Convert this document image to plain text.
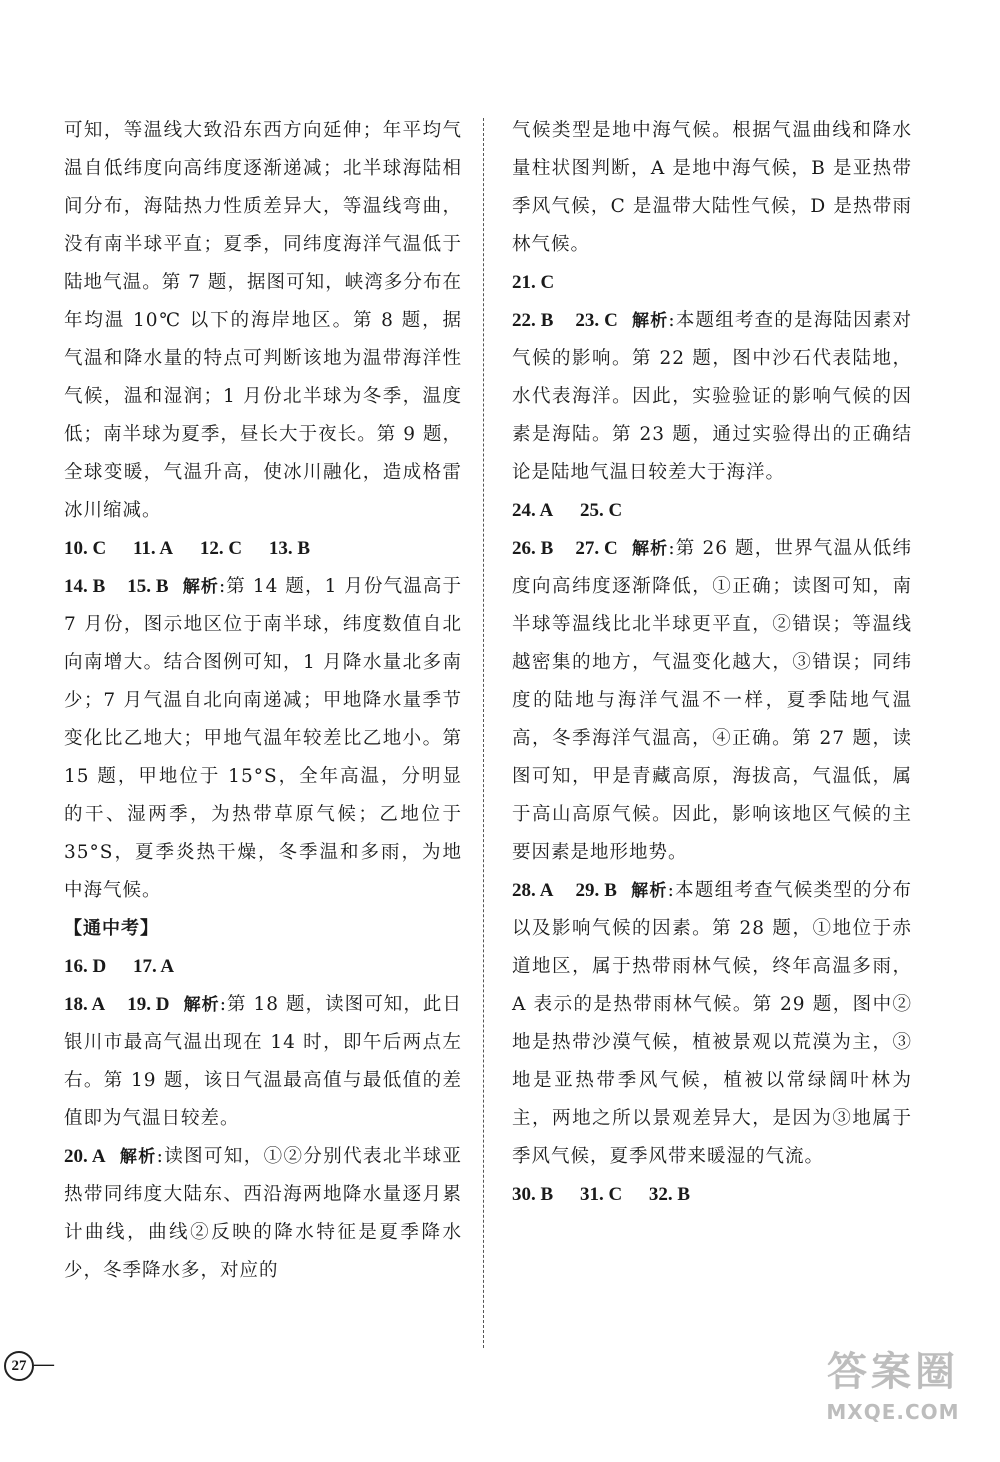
可知，等温线大致沿东西方向延伸；年平均气温自低纬度向高纬度逐渐递减；北半球海陆相间分布，海陆热力性质差异大，等温线弯曲，没有南半球平直；夏季，同纬度海洋气温低于陆地气温。第 7 题，据图可知，峡湾多分布在年均温 10℃ 以下的海岸地区。第 8 题，据气温和降水量的特点可判断该地为温带海洋性气候，温和湿润；1 月份北半球为冬季，温度低；南半球为夏季，昼长大于夜长。第 9 题，全球变暖，气温升高，使冰川融化，造成格雷冰川缩减。
10. C 11. A 12. C 13. B
14. B 15. B 解析:第 14 题，1 月份气温高于 7 月份，图示地区位于南半球，纬度数值自北向南增大。结合图例可知，1 月降水量北多南少；7 月气温自北向南递减；甲地降水量季节变化比乙地大；甲地气温年较差比乙地小。第 15 题，甲地位于 15°S，全年高温，分明显的干、湿两季，为热带草原气候；乙地位于 35°S，夏季炎热干燥，冬季温和多雨，为地中海气候。
【通中考】
16. D 17. A
18. A 19. D 解析:第 18 题，读图可知，此日银川市最高气温出现在 14 时，即午后两点左右。第 19 题，该日气温最高值与最低值的差值即为气温日较差。
20. A 解析:读图可知，①②分别代表北半球亚热带同纬度大陆东、西沿海两地降水量逐月累计曲线，曲线②反映的降水特征是夏季降水少，冬季降水多，对应的
气候类型是地中海气候。根据气温曲线和降水量柱状图判断，A 是地中海气候，B 是亚热带季风气候，C 是温带大陆性气候，D 是热带雨林气候。
21. C
22. B 23. C 解析:本题组考查的是海陆因素对气候的影响。第 22 题，图中沙石代表陆地，水代表海洋。因此，实验验证的影响气候的因素是海陆。第 23 题，通过实验得出的正确结论是陆地气温日较差大于海洋。
24. A 25. C
26. B 27. C 解析:第 26 题，世界气温从低纬度向高纬度逐渐降低，①正确；读图可知，南半球等温线比北半球更平直，②错误；等温线越密集的地方，气温变化越大，③错误；同纬度的陆地与海洋气温不一样，夏季陆地气温高，冬季海洋气温高，④正确。第 27 题，读图可知，甲是青藏高原，海拔高，气温低，属于高山高原气候。因此，影响该地区气候的主要因素是地形地势。
28. A 29. B 解析:本题组考查气候类型的分布以及影响气候的因素。第 28 题，①地位于赤道地区，属于热带雨林气候，终年高温多雨，A 表示的是热带雨林气候。第 29 题，图中②地是热带沙漠气候，植被景观以荒漠为主，③地是亚热带季风气候，植被以常绿阔叶林为主，两地之所以景观差异大，是因为③地属于季风气候，夏季风带来暖湿的气流。
30. B 31. C 32. B
27 —	答案圈
MXQE.COM
